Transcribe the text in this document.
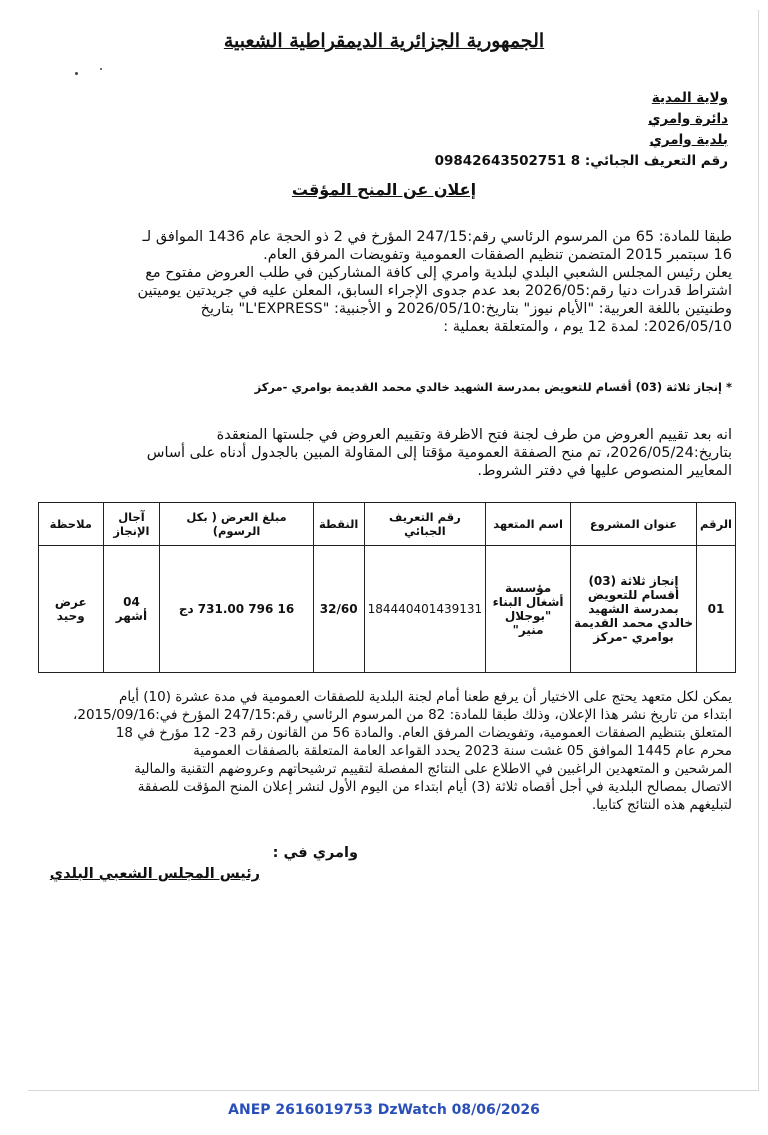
الجمهورية الجزائرية الديمقراطية الشعبية
ولاية المدية
دائرة وامري
بلدية وامري
رقم التعريف الجبائي: 09842643502751 8
إعلان عن المنح المؤقت
طبقا للمادة: 65 من المرسوم الرئاسي رقم:247/15 المؤرخ في 2 ذو الحجة عام 1436 الموافق لـ
16 سبتمبر 2015 المتضمن تنظيم الصفقات العمومية وتفويضات المرفق العام.
يعلن رئيس المجلس الشعبي البلدي لبلدية وامري إلى كافة المشاركين في طلب العروض مفتوح مع
اشتراط قدرات دنيا رقم:2026/05 بعد عدم جدوى الإجراء السابق، المعلن عليه في جريدتين يوميتين
وطنيتين باللغة العربية: "الأيام نيوز" بتاريخ:2026/05/10 و الأجنبية: "L'EXPRESS" بتاريخ
2026/05/10: لمدة 12 يوم ، والمتعلقة بعملية :
* إنجاز ثلاثة (03) أقسام للتعويض بمدرسة الشهيد خالدي محمد القديمة بوامري -مركز
انه بعد تقييم العروض من طرف لجنة فتح الاظرفة وتقييم العروض في جلستها المنعقدة
بتاريخ:2026/05/24، تم منح الصفقة العمومية مؤقتا إلى المقاولة المبين بالجدول أدناه على أساس
المعايير المنصوص عليها في دفتر الشروط.
الرقم	عنوان المشروع	اسم المتعهد	رقم التعريف الجبائي	النقطة	مبلغ العرض ( بكل الرسوم)	آجال الإنجاز	ملاحظة
01	إنجاز ثلاثة (03) أقسام للتعويض بمدرسة الشهيد خالدي محمد القديمة بوامري -مركز	مؤسسة أشغال البناء "بوجلال منير"	184440401439131	32/60	16 796 731.00 دج	04 أشهر	عرض وحيد
يمكن لكل متعهد يحتج على الاختيار أن يرفع طعنا أمام لجنة البلدية للصفقات العمومية في مدة عشرة (10) أيام
ابتداء من تاريخ نشر هذا الإعلان، وذلك طبقا للمادة: 82 من المرسوم الرئاسي رقم:247/15 المؤرخ في:2015/09/16،
المتعلق بتنظيم الصفقات العمومية، وتفويضات المرفق العام. والمادة 56 من القانون رقم 23- 12 مؤرخ في 18
محرم عام 1445 الموافق 05 غشت سنة 2023 يحدد القواعد العامة المتعلقة بالصفقات العمومية
المرشحين و المتعهدين الراغبين في الاطلاع على النتائج المفصلة لتقييم ترشيحاتهم وعروضهم التقنية والمالية
الاتصال بمصالح البلدية في أجل أقصاه ثلاثة (3) أيام ابتداء من اليوم الأول لنشر إعلان المنح المؤقت للصفقة
لتبليغهم هذه النتائج كتابيا.
وامري في :
رئيس المجلس الشعبي البلدي
ANEP 2616019753 DzWatch 08/06/2026
